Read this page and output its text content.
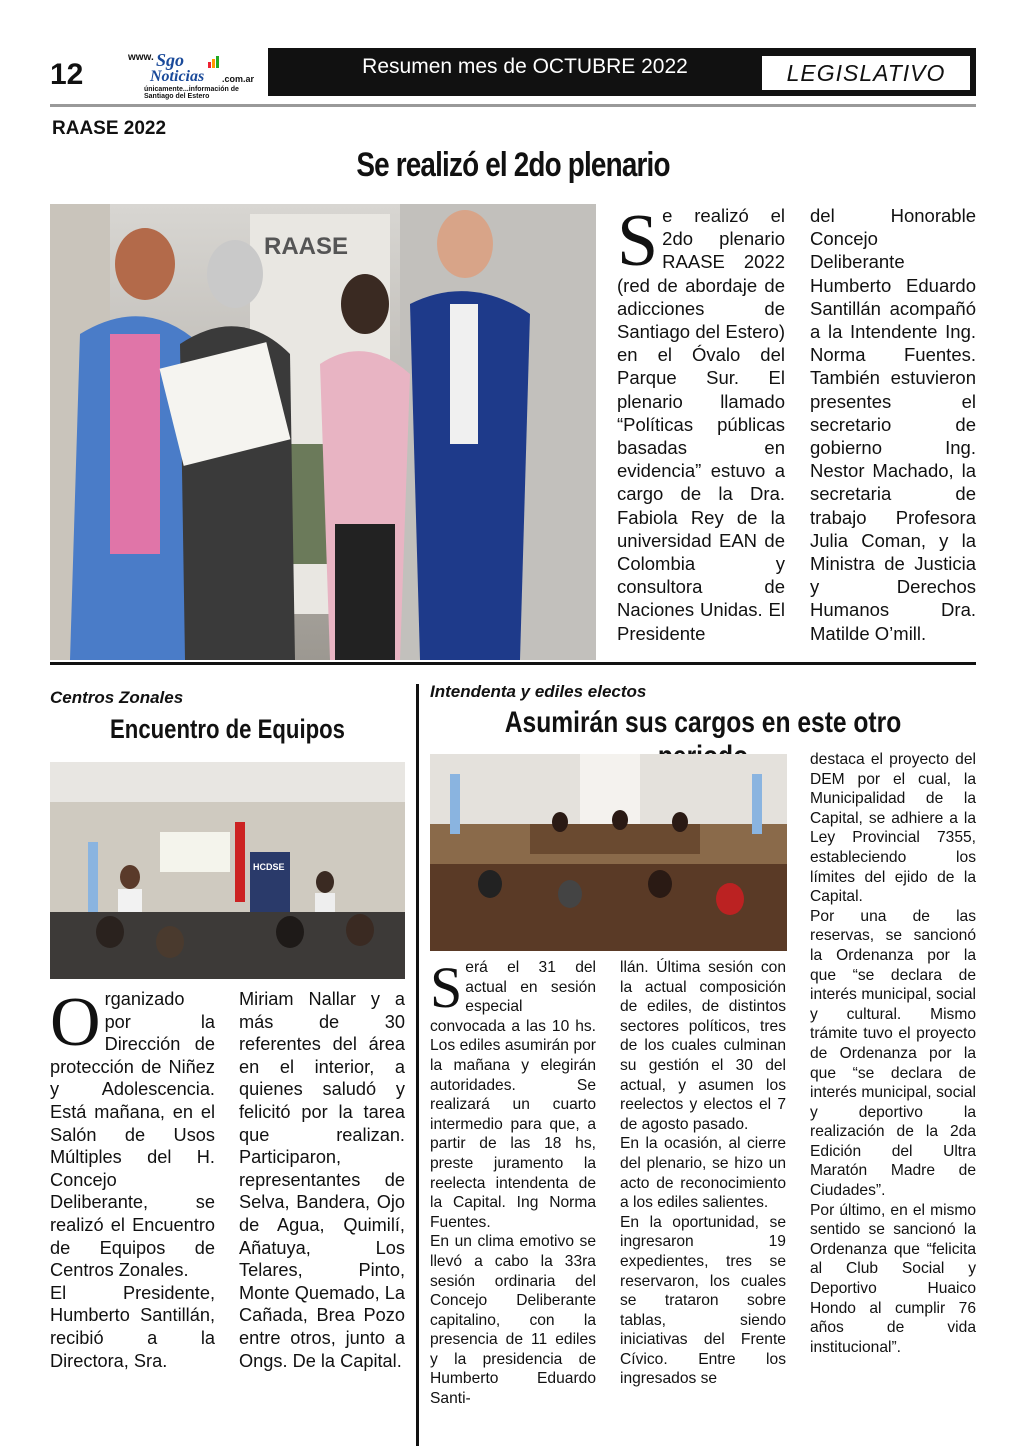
12
www. Sgo
Noticias .com.ar
únicamente...información de Santiago del Estero
Resumen mes de OCTUBRE 2022	LEGISLATIVO
RAASE 2022
Se realizó el 2do plenario
RAASE	Se realizó el 2do plenario RAASE 2022 (red de abordaje de adicciones de Santiago del Estero) en el Óvalo del Parque Sur. El plenario llamado “Políticas públicas basadas en evidencia” estuvo a cargo de la Dra. Fabiola Rey de la universidad EAN de Colombia y consultora de Naciones Unidas. El Presidente
del Honorable Concejo Deliberante Humberto Eduardo Santillán acompañó a la Intendente Ing. Norma Fuentes. También estuvieron presentes el secretario de gobierno Ing. Nestor Machado, la secretaria de trabajo Profesora Julia Coman, y la Ministra de Justicia y Derechos Humanos Dra. Matilde O’mill.
Centros Zonales
Encuentro de Equipos
HCDSE

Organizado por la Dirección de protección de Niñez y Adolescencia. Está mañana, en el Salón de Usos Múltiples del H. Concejo Deliberante, se realizó el Encuentro de Equipos de Centros Zonales.

El Presidente, Humberto Santillán, recibió a la Directora, Sra.

Miriam Nallar y a más de 30 referentes del área en el interior, a quienes saludó y felicitó por la tarea que realizan. Participaron, representantes de Selva, Bandera, Ojo de Agua, Quimilí, Añatuya, Los Telares, Pinto, Monte Quemado, La Cañada, Brea Pozo entre otros, junto a Ongs. De la Capital.
Intendenta y ediles electos
Asumirán sus cargos en este otro

Será el 31 del actual en sesión especial convocada a las 10 hs. Los ediles asumirán por la mañana y elegirán autoridades. Se realizará un cuarto intermedio para que, a partir de las 18 hs, preste juramento la reelecta intendenta de la Capital. Ing Norma Fuentes.

En un clima emotivo se llevó a cabo la 33ra sesión ordinaria del Concejo Deliberante capitalino, con la presencia de 11 ediles y la presidencia de Humberto Eduardo Santi-

llán. Última sesión con la actual composición de ediles, de distintos sectores políticos, tres de los cuales culminan su gestión el 30 del actual, y asumen los reelectos y electos el 7 de agosto pasado.

En la ocasión, al cierre del plenario, se hizo un acto de reconocimiento a los ediles salientes.

En la oportunidad, se ingresaron 19 expedientes, tres se reservaron, los cuales se trataron sobre tablas, siendo iniciativas del Frente Cívico. Entre los ingresados se

destaca el proyecto del DEM por el cual, la Municipalidad de la Capital, se adhiere a la Ley Provincial 7355, estableciendo los límites del ejido de la Capital.

Por una de las reservas, se sancionó la Ordenanza por la que “se declara de interés municipal, social y cultural. Mismo trámite tuvo el proyecto de Ordenanza por la que “se declara de interés municipal, social y deportivo la realización de la 2da Edición del Ultra Maratón Madre de Ciudades”.

Por último, en el mismo sentido se sancionó la Ordenanza que “felicita al Club Social y Deportivo Huaico Hondo al cumplir 76 años de vida institucional”.
